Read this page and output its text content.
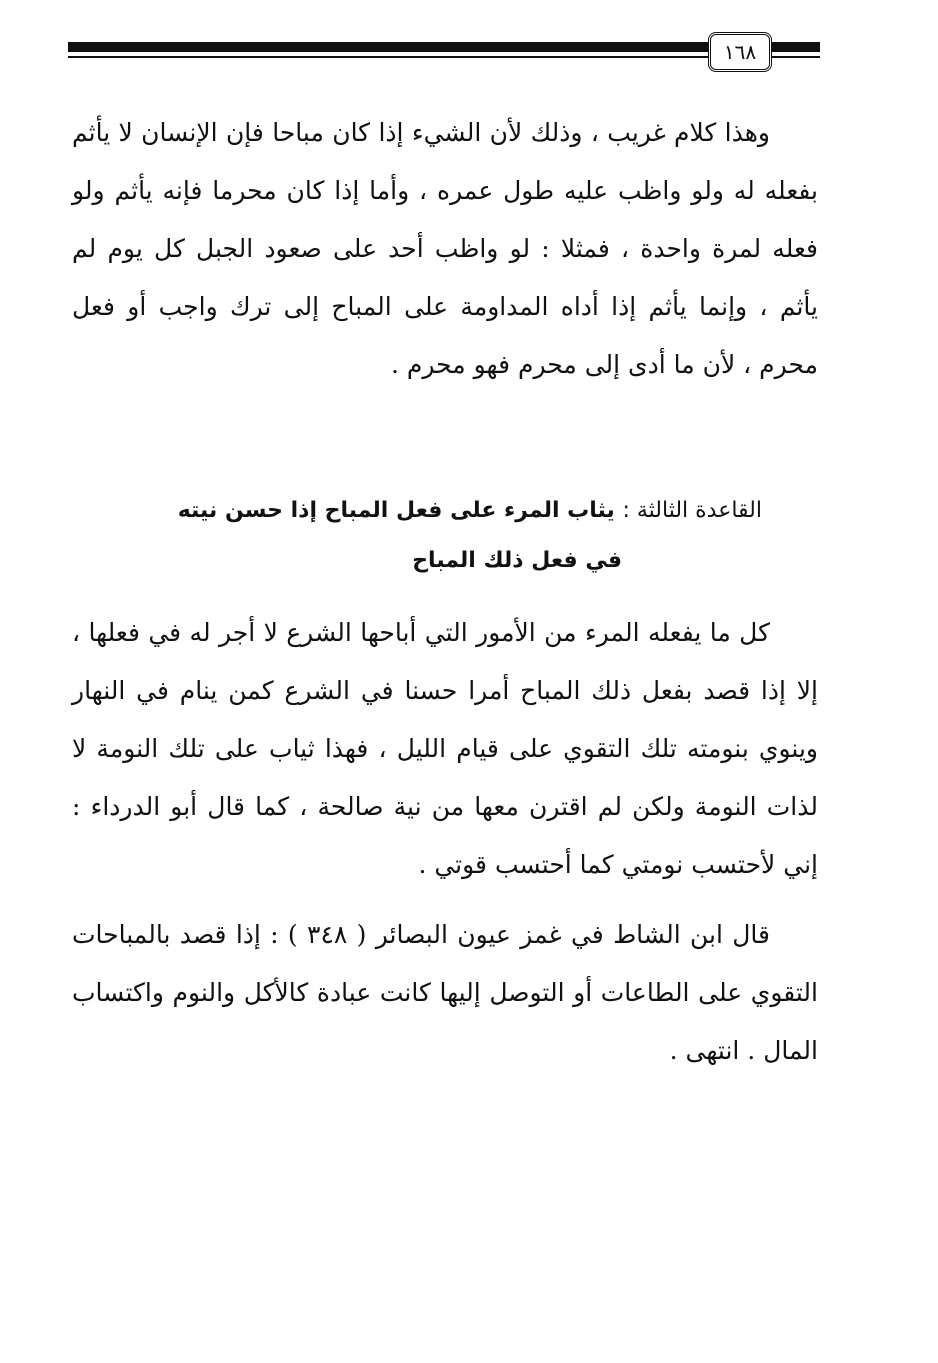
١٦٨

وهذا كلام غريب ، وذلك لأن الشيء إذا كان مباحا فإن الإنسان لا يأثم بفعله له ولو واظب عليه طول عمره ، وأما إذا كان محرما فإنه يأثم ولو فعله لمرة واحدة ، فمثلا : لو واظب أحد على صعود الجبل كل يوم لم يأثم ، وإنما يأثم إذا أداه المداومة على المباح إلى ترك واجب أو فعل محرم ، لأن ما أدى إلى محرم فهو محرم .

القاعدة الثالثة : يثاب المرء على فعل المباح إذا حسن نيته
في فعل ذلك المباح

كل ما يفعله المرء من الأمور التي أباحها الشرع لا أجر له في فعلها ، إلا إذا قصد بفعل ذلك المباح أمرا حسنا في الشرع كمن ينام في النهار وينوي بنومته تلك التقوي على قيام الليل ، فهذا ثياب على تلك النومة لا لذات النومة ولكن لم اقترن معها من نية صالحة ، كما قال أبو الدرداء : إني لأحتسب نومتي كما أحتسب قوتي .

قال ابن الشاط في غمز عيون البصائر ( ٣٤٨ ) : إذا قصد بالمباحات التقوي على الطاعات أو التوصل إليها كانت عبادة كالأكل والنوم واكتساب المال . انتهى .
